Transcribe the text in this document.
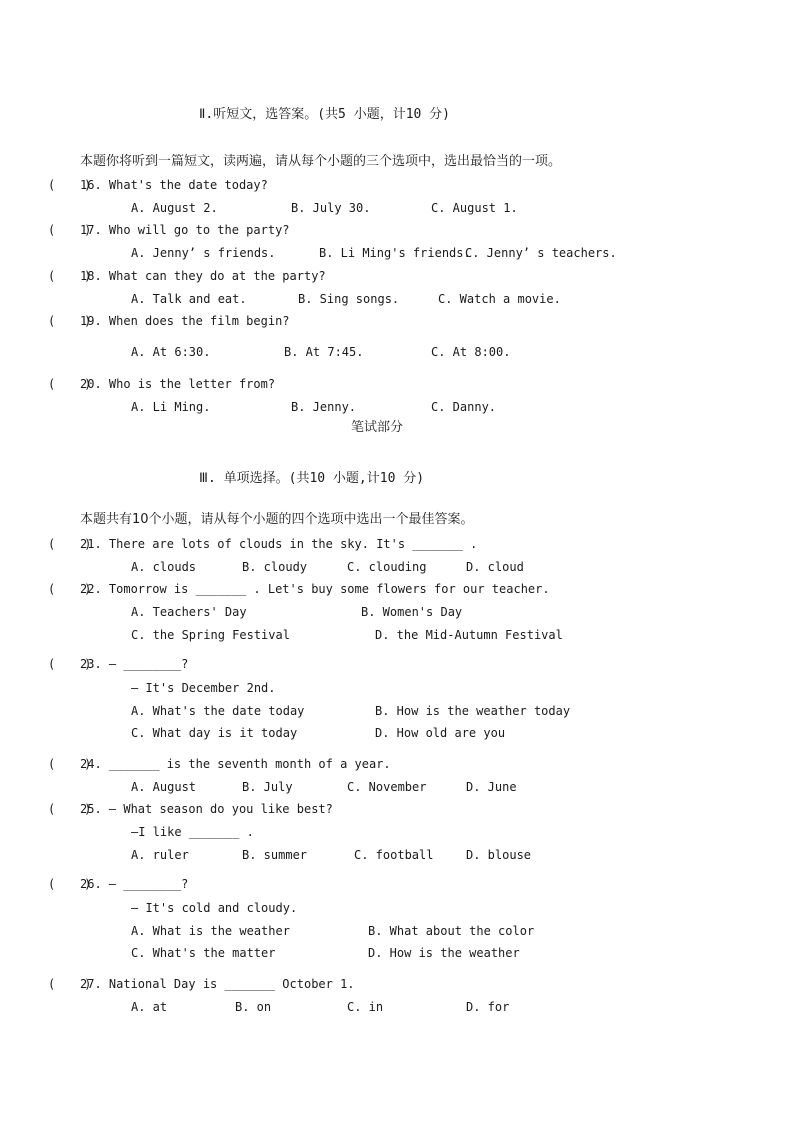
Ⅱ.听短文，选答案。(共5 小题，计10 分)
本题你将听到一篇短文，读两遍，请从每个小题的三个选项中，选出最恰当的一项。
(    )
16. What's the date today?
A. August 2.	B. July 30.	C. August 1.
(    )
17. Who will go to the party?
A. Jenny’ s friends.	B. Li Ming's friends.
C. Jenny’ s teachers.
(    )
18. What can they do at the party?
A. Talk and eat.	B. Sing songs.	C. Watch a movie.
(    )
19. When does the film begin?
A. At 6:30.	B. At 7:45.	C. At 8:00.
(    )
20. Who is the letter from?
A. Li Ming.	B. Jenny.	C. Danny.
笔试部分
Ⅲ. 单项选择。(共10 小题,计10 分)
本题共有10个小题，请从每个小题的四个选项中选出一个最佳答案。
(    )
21. There are lots of clouds in the sky. It's _______ .
A. clouds	B. cloudy	C. clouding	D. cloud
(    )
22. Tomorrow is _______ . Let's buy some flowers for our teacher.
A. Teachers' Day	B. Women's Day
C. the Spring Festival	D. the Mid-Autumn Festival
(    )
23. — ________?
— It's December 2nd.
A. What's the date today	B. How is the weather today
C. What day is it today	D. How old are you
(    )
24. _______ is the seventh month of a year.
A. August	B. July	C. November	D. June
(    )
25. — What season do you like best?
—I like _______ .
A. ruler	B. summer	C. football	D. blouse
(    )
26. — ________?
— It's cold and cloudy.
A. What is the weather	B. What about the color
C. What's the matter	D. How is the weather
(    )
27. National Day is _______ October 1.
A. at	B. on	C. in	D. for
